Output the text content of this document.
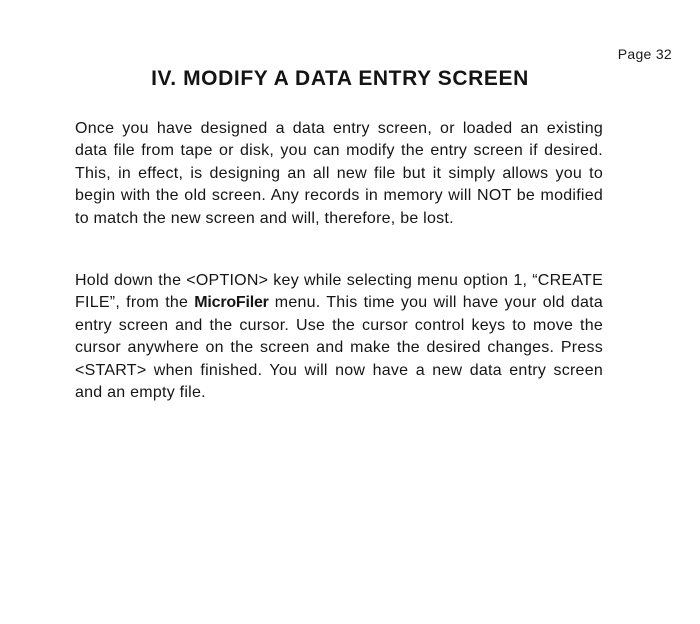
Page 32
IV. MODIFY A DATA ENTRY SCREEN

Once you have designed a data entry screen, or loaded an existing data file from tape or disk, you can modify the entry screen if desired. This, in effect, is designing an all new file but it simply allows you to begin with the old screen. Any records in memory will NOT be modified to match the new screen and will, therefore, be lost.

Hold down the <OPTION> key while selecting menu option 1, “CREATE FILE”, from the MicroFiler menu. This time you will have your old data entry screen and the cursor. Use the cursor control keys to move the cursor anywhere on the screen and make the desired changes. Press <START> when finished. You will now have a new data entry screen and an empty file.
